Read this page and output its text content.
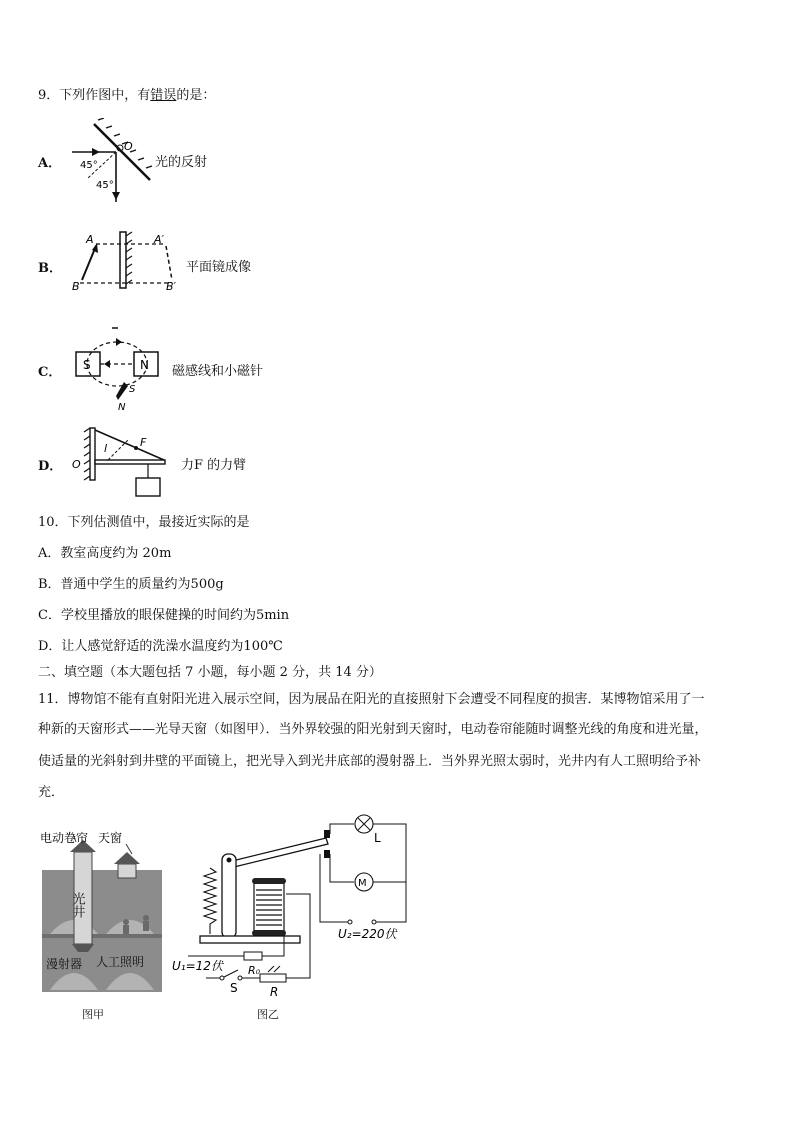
9．下列作图中，有错误的是：
A．
O
45°
45°
光的反射
B．
A	A′
B	B′
平面镜成像
C． S	N
S
N
磁感线和小磁针
D． O
l	F
力F 的力臂
10．下列估测值中，最接近实际的是
A．教室高度约为 20m
B．普通中学生的质量约为500g
C．学校里播放的眼保健操的时间约为5min
D．让人感觉舒适的洗澡水温度约为100℃
二、填空题（本大题包括 7 小题，每小题 2 分，共 14 分）
11．博物馆不能有直射阳光进入展示空间，因为展品在阳光的直接照射下会遭受不同程度的损害．某博物馆采用了一
种新的天窗形式——光导天窗（如图甲）．当外界较强的阳光射到天窗时，电动卷帘能随时调整光线的角度和进光量，
使适量的光斜射到井壁的平面镜上，把光导入到光井底部的漫射器上．当外界光照太弱时，光井内有人工照明给予补
充．
电动卷帘 天窗
光井
漫射器 人工照明
图甲
U₁=12伏 R₀
S	R
L
M
U₂=220伏
图乙
